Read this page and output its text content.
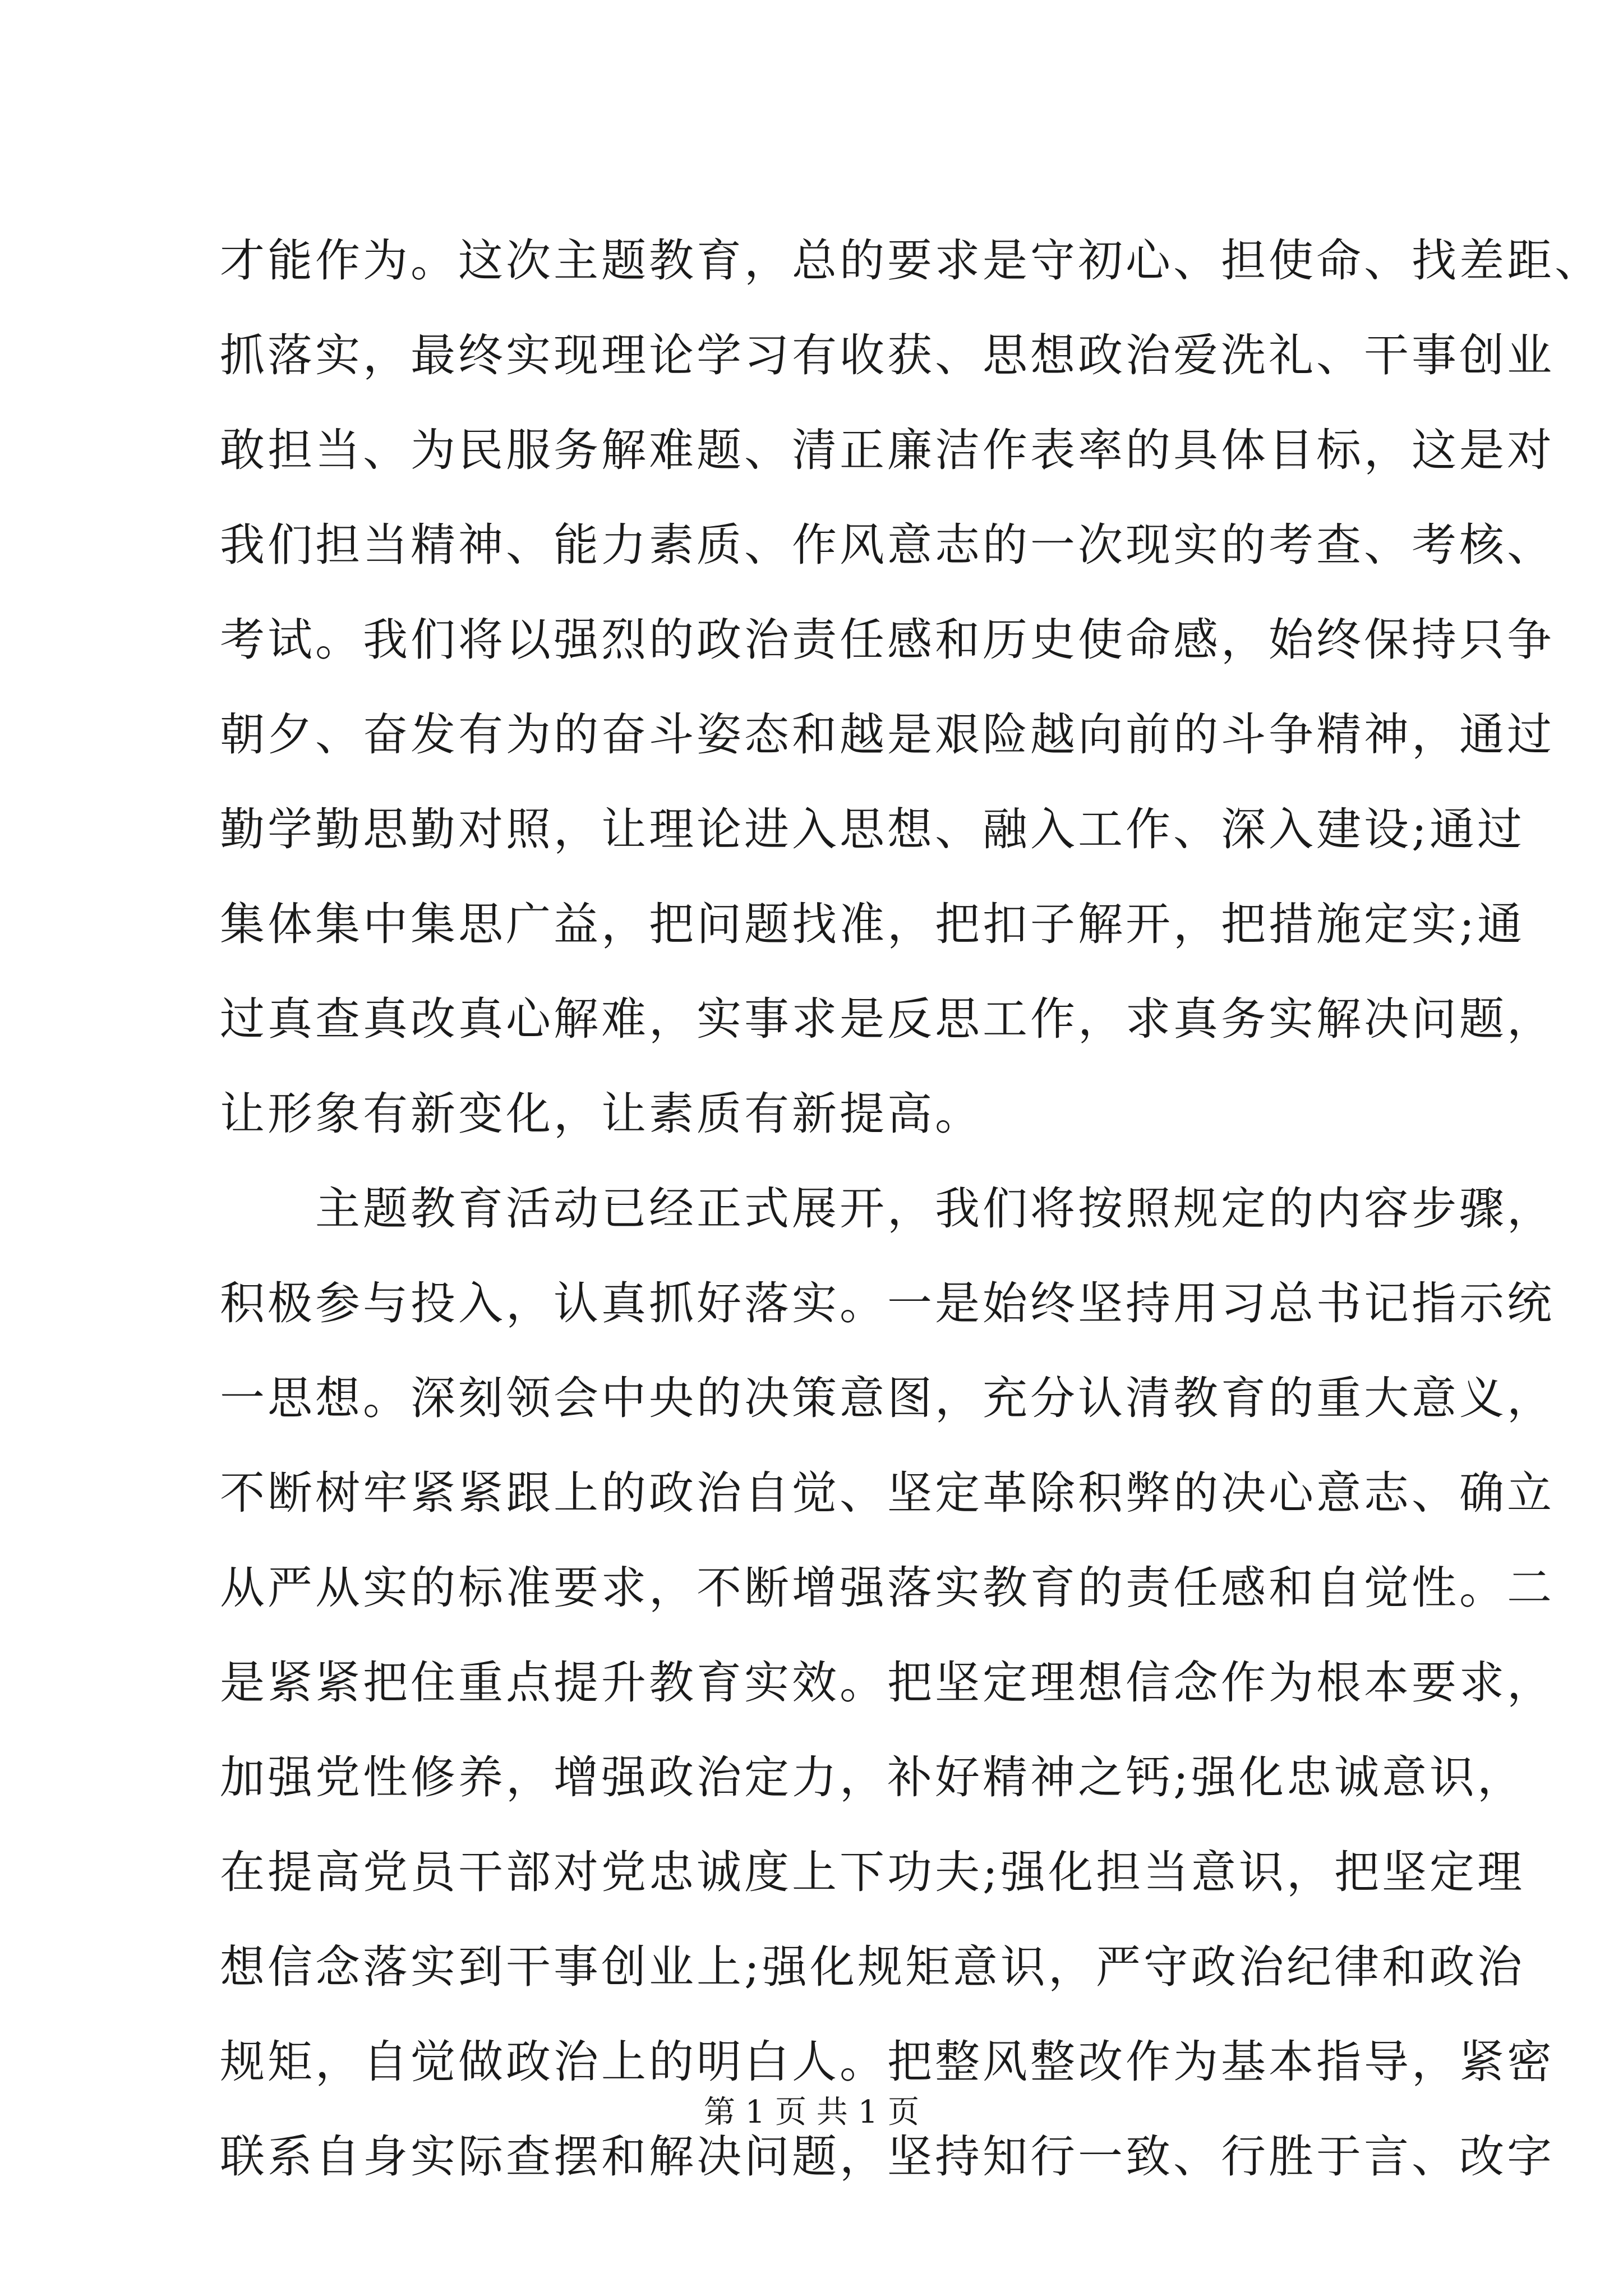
才能作为。这次主题教育，总的要求是守初心、担使命、找差距、
抓落实，最终实现理论学习有收获、思想政治爱洗礼、干事创业
敢担当、为民服务解难题、清正廉洁作表率的具体目标，这是对
我们担当精神、能力素质、作风意志的一次现实的考查、考核、
考试。我们将以强烈的政治责任感和历史使命感，始终保持只争
朝夕、奋发有为的奋斗姿态和越是艰险越向前的斗争精神，通过
勤学勤思勤对照，让理论进入思想、融入工作、深入建设;通过
集体集中集思广益，把问题找准，把扣子解开，把措施定实;通
过真查真改真心解难，实事求是反思工作，求真务实解决问题，
让形象有新变化，让素质有新提高。
　　主题教育活动已经正式展开，我们将按照规定的内容步骤，
积极参与投入，认真抓好落实。一是始终坚持用习总书记指示统
一思想。深刻领会中央的决策意图，充分认清教育的重大意义，
不断树牢紧紧跟上的政治自觉、坚定革除积弊的决心意志、确立
从严从实的标准要求，不断增强落实教育的责任感和自觉性。二
是紧紧把住重点提升教育实效。把坚定理想信念作为根本要求，
加强党性修养，增强政治定力，补好精神之钙;强化忠诚意识，
在提高党员干部对党忠诚度上下功夫;强化担当意识，把坚定理
想信念落实到干事创业上;强化规矩意识，严守政治纪律和政治
规矩，自觉做政治上的明白人。把整风整改作为基本指导，紧密
联系自身实际查摆和解决问题，坚持知行一致、行胜于言、改字
第 1 页 共 1 页
